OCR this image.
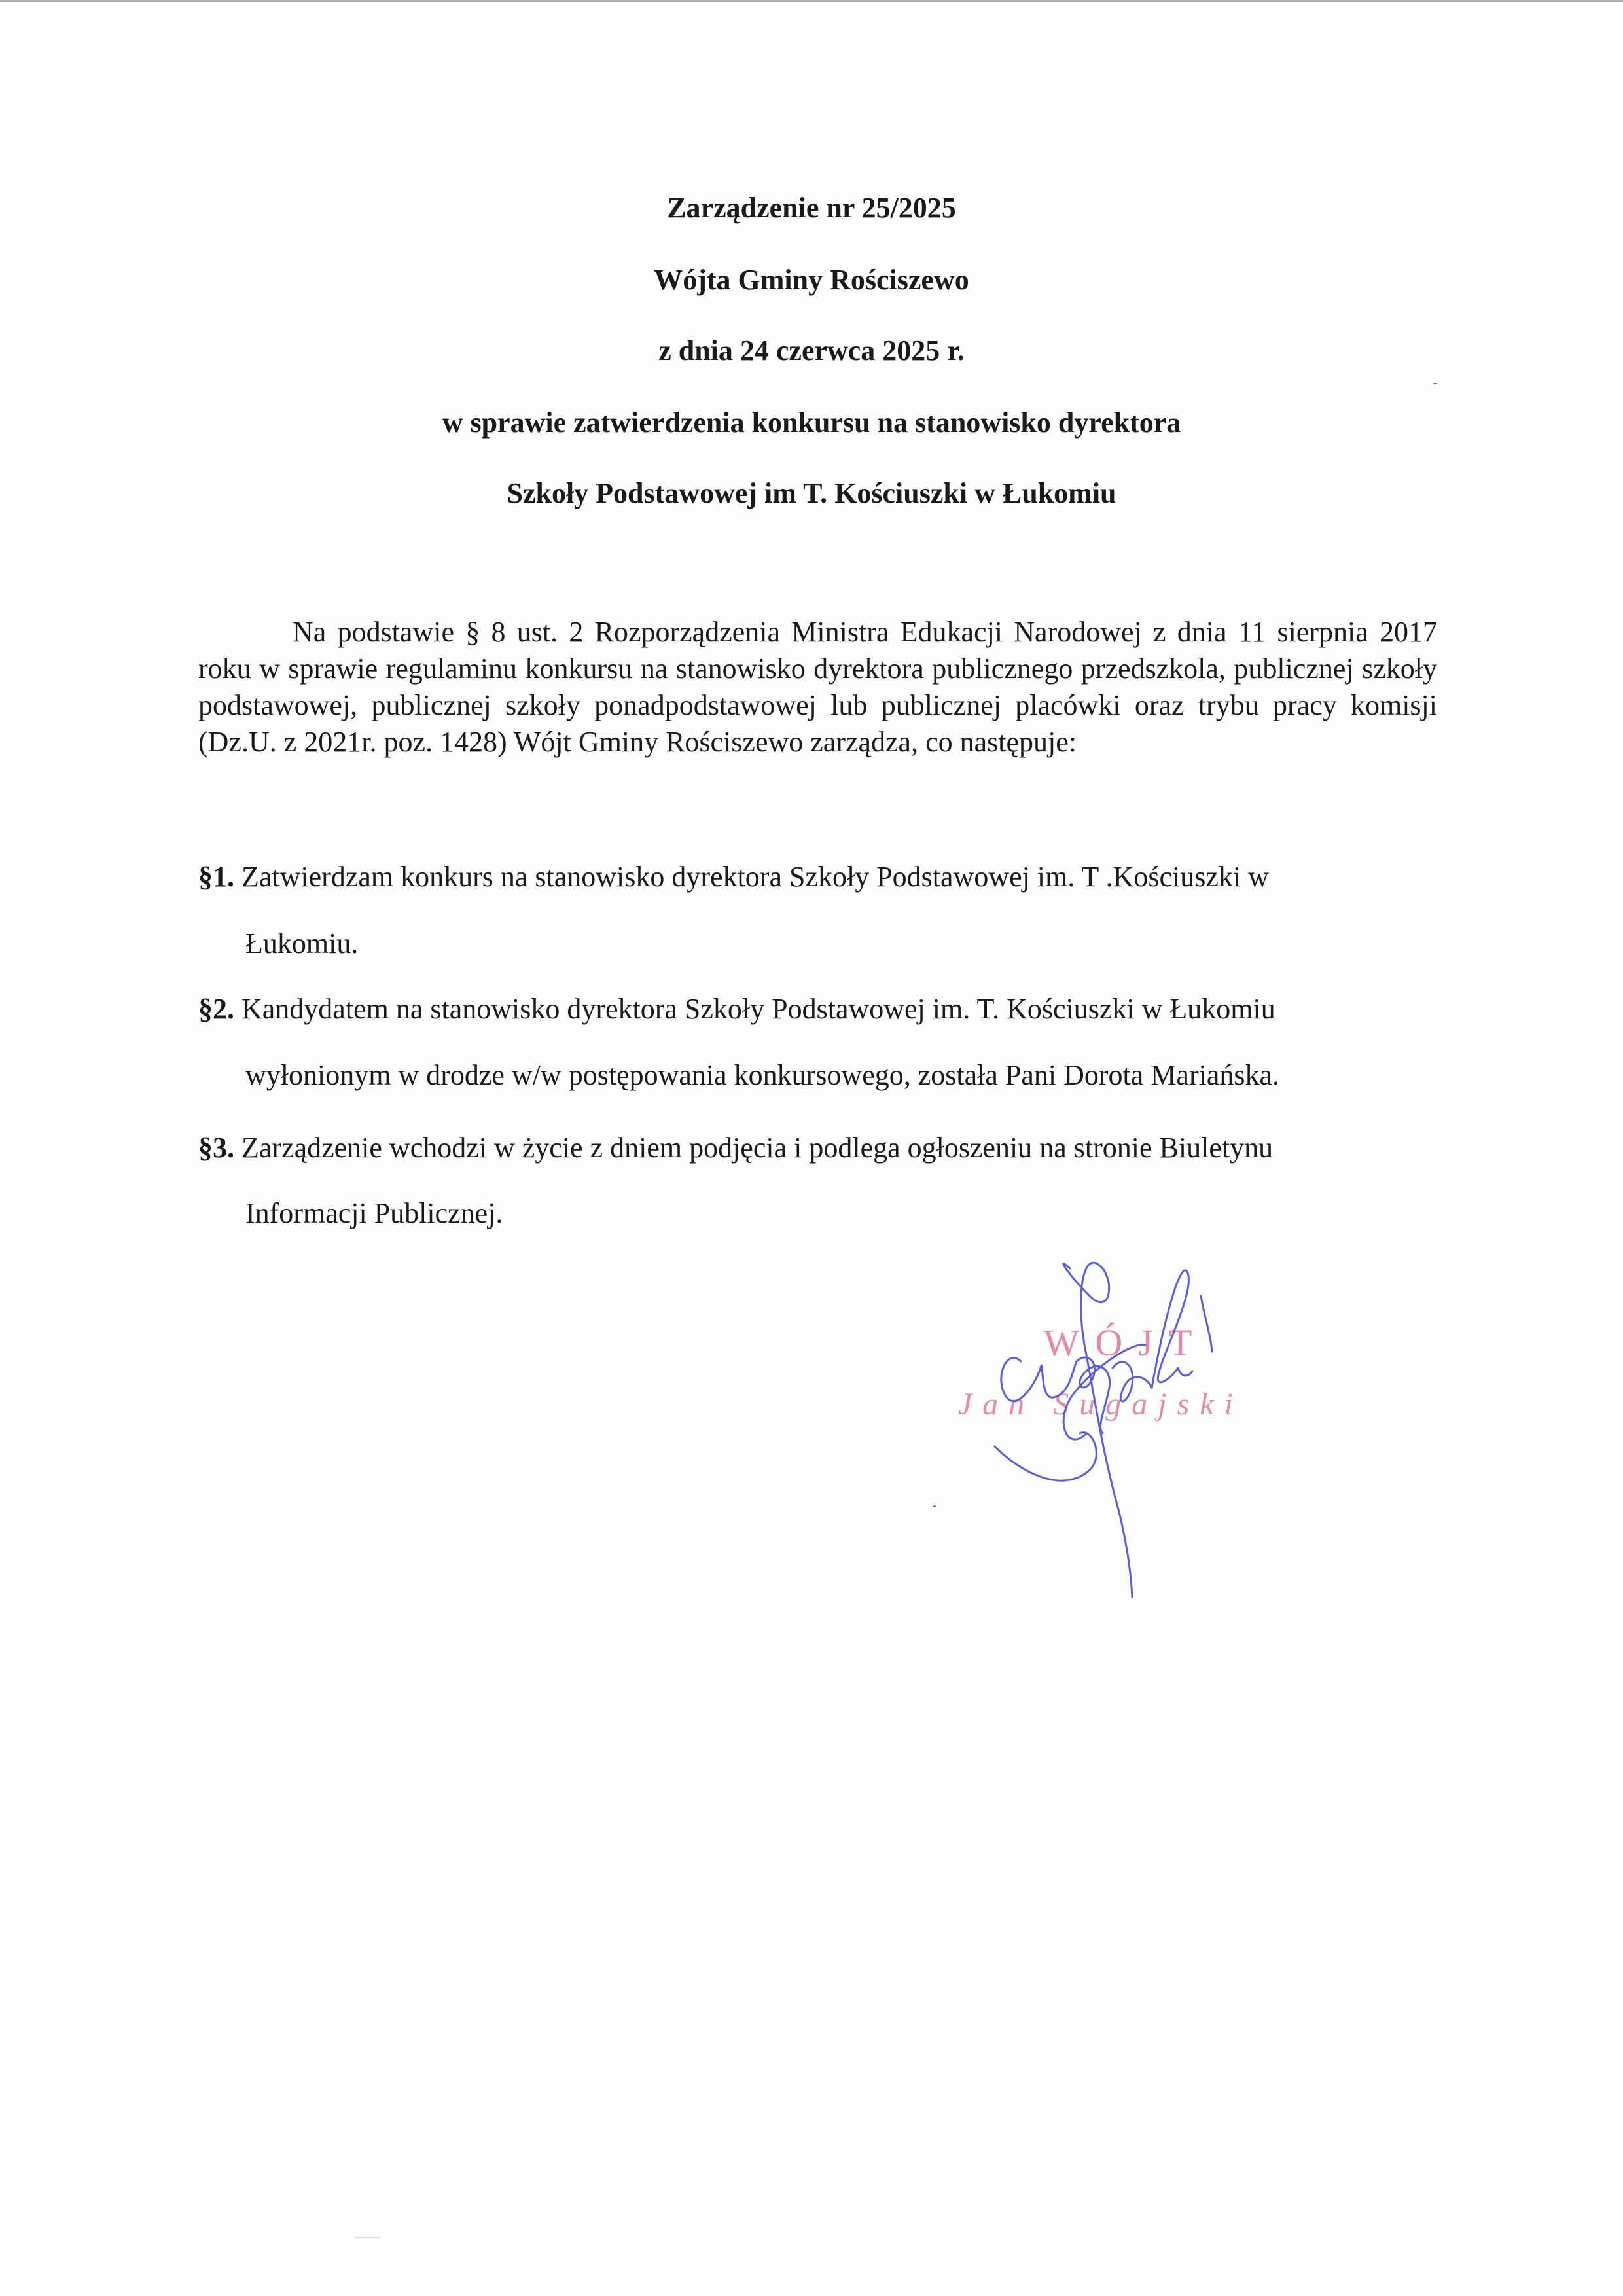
Zarządzenie nr 25/2025
Wójta Gminy Rościszewo
z dnia 24 czerwca 2025 r.
w sprawie zatwierdzenia konkursu na stanowisko dyrektora
Szkoły Podstawowej im T. Kościuszki w Łukomiu
Na podstawie § 8 ust. 2 Rozporządzenia Ministra Edukacji Narodowej z dnia 11 sierpnia 2017 roku w sprawie regulaminu konkursu na stanowisko dyrektora publicznego przedszkola, publicznej szkoły podstawowej, publicznej szkoły ponadpodstawowej lub publicznej placówki oraz trybu pracy komisji (Dz.U. z 2021r. poz. 1428) Wójt Gminy Rościszewo zarządza, co następuje:
§1. Zatwierdzam konkurs na stanowisko dyrektora Szkoły Podstawowej im. T .Kościuszki w
Łukomiu.
§2. Kandydatem na stanowisko dyrektora Szkoły Podstawowej im. T. Kościuszki w Łukomiu
wyłonionym w drodze w/w postępowania konkursowego, została Pani Dorota Mariańska.
§3. Zarządzenie wchodzi w życie z dniem podjęcia i podlega ogłoszeniu na stronie Biuletynu
Informacji Publicznej.
WÓJT
Jan Sugajski
